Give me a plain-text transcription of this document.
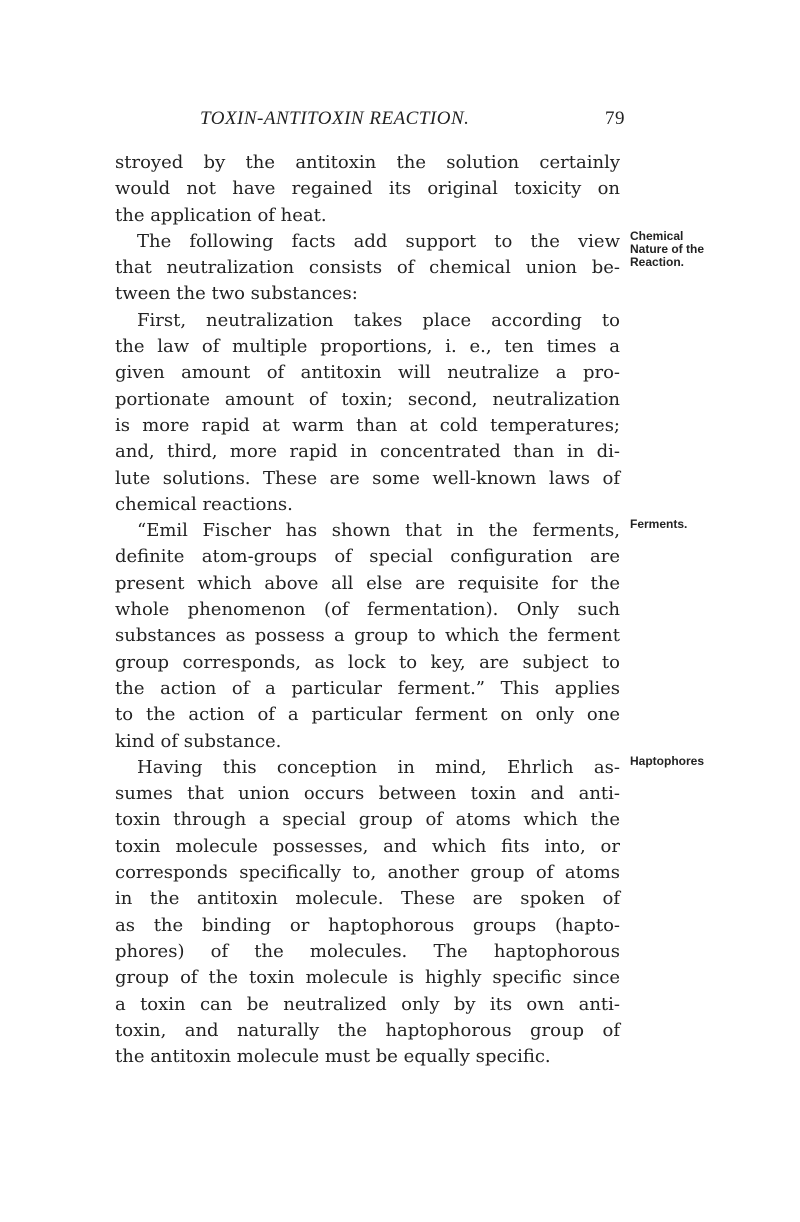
TOXIN-ANTITOXIN REACTION.	79
stroyed by the antitoxin the solution certainly
would not have regained its original toxicity on
the application of heat.
The following facts add support to the view
that neutralization consists of chemical union be-
tween the two substances:
First, neutralization takes place according to
the law of multiple proportions, i. e., ten times a
given amount of antitoxin will neutralize a pro-
portionate amount of toxin; second, neutralization
is more rapid at warm than at cold temperatures;
and, third, more rapid in concentrated than in di-
lute solutions. These are some well-known laws of
chemical reactions.
“Emil Fischer has shown that in the ferments,
definite atom-groups of special configuration are
present which above all else are requisite for the
whole phenomenon (of fermentation). Only such
substances as possess a group to which the ferment
group corresponds, as lock to key, are subject to
the action of a particular ferment.” This applies
to the action of a particular ferment on only one
kind of substance.
Having this conception in mind, Ehrlich as-
sumes that union occurs between toxin and anti-
toxin through a special group of atoms which the
toxin molecule possesses, and which fits into, or
corresponds specifically to, another group of atoms
in the antitoxin molecule. These are spoken of
as the binding or haptophorous groups (hapto-
phores) of the molecules. The haptophorous
group of the toxin molecule is highly specific since
a toxin can be neutralized only by its own anti-
toxin, and naturally the haptophorous group of
the antitoxin molecule must be equally specific.
Chemical
Nature of the
Reaction.
Ferments.
Haptophores
